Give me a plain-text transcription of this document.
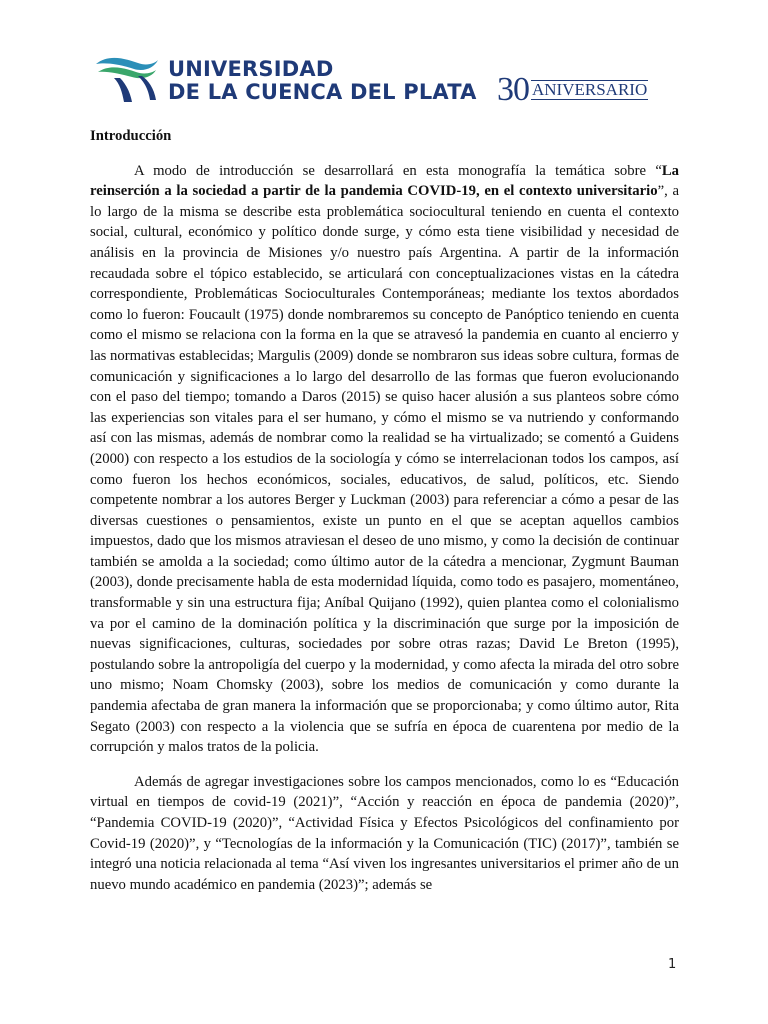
UNIVERSIDAD
DE LA CUENCA DEL PLATA 30 ANIVERSARIO

Introducción

A modo de introducción se desarrollará en esta monografía la temática sobre “La reinserción a la sociedad a partir de la pandemia COVID-19, en el contexto universitario”, a lo largo de la misma se describe esta problemática sociocultural teniendo en cuenta el contexto social, cultural, económico y político donde surge, y cómo esta tiene visibilidad y necesidad de análisis en la provincia de Misiones y/o nuestro país Argentina. A partir de la información recaudada sobre el tópico establecido, se articulará con conceptualizaciones vistas en la cátedra correspondiente, Problemáticas Socioculturales Contemporáneas; mediante los textos abordados como lo fueron: Foucault (1975) donde nombraremos su concepto de Panóptico teniendo en cuenta como el mismo se relaciona con la forma en la que se atravesó la pandemia en cuanto al encierro y las normativas establecidas; Margulis (2009) donde se nombraron sus ideas sobre cultura, formas de comunicación y significaciones a lo largo del desarrollo de las formas que fueron evolucionando con el paso del tiempo; tomando a Daros (2015) se quiso hacer alusión a sus planteos sobre cómo las experiencias son vitales para el ser humano, y cómo el mismo se va nutriendo y conformando así con las mismas, además de nombrar como la realidad se ha virtualizado; se comentó a Guidens (2000) con respecto a los estudios de la sociología y cómo se interrelacionan todos los campos, así como fueron los hechos económicos, sociales, educativos, de salud, políticos, etc. Siendo competente nombrar a los autores Berger y Luckman (2003) para referenciar a cómo a pesar de las diversas cuestiones o pensamientos, existe un punto en el que se aceptan aquellos cambios impuestos, dado que los mismos atraviesan el deseo de uno mismo, y como la decisión de continuar también se amolda a la sociedad; como último autor de la cátedra a mencionar, Zygmunt Bauman (2003), donde precisamente habla de esta modernidad líquida, como todo es pasajero, momentáneo, transformable y sin una estructura fija; Aníbal Quijano (1992), quien plantea como el colonialismo va por el camino de la dominación política y la discriminación que surge por la imposición de nuevas significaciones, culturas, sociedades por sobre otras razas; David Le Breton (1995), postulando sobre la antropoligía del cuerpo y la modernidad, y como afecta la mirada del otro sobre uno mismo; Noam Chomsky (2003), sobre los medios de comunicación y como durante la pandemia afectaba de gran manera la información que se proporcionaba; y como último autor, Rita Segato (2003) con respecto a la violencia que se sufría en época de cuarentena por medio de la corrupción y malos tratos de la policia.

Además de agregar investigaciones sobre los campos mencionados, como lo es “Educación virtual en tiempos de covid-19 (2021)”, “Acción y reacción en época de pandemia (2020)”, “Pandemia COVID-19 (2020)”, “Actividad Física y Efectos Psicológicos del confinamiento por Covid-19 (2020)”, y “Tecnologías de la información y la Comunicación (TIC) (2017)”, también se integró una noticia relacionada al tema “Así viven los ingresantes universitarios el primer año de un nuevo mundo académico en pandemia (2023)”; además se

1
